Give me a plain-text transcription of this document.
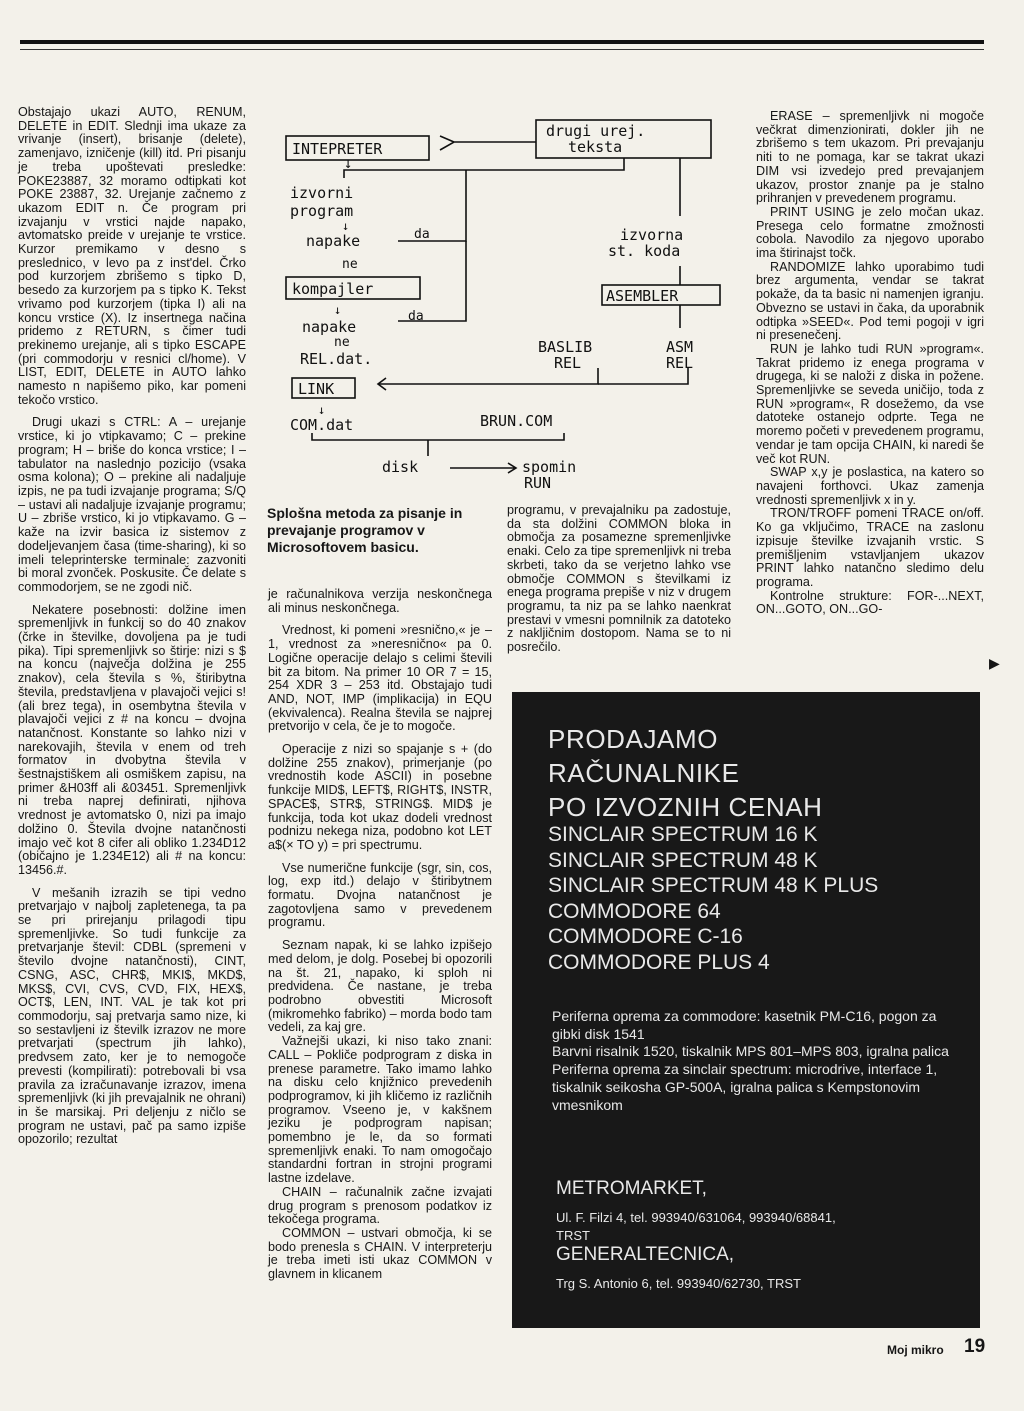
Obstajajo ukazi AUTO, RENUM, DELETE in EDIT. Slednji ima ukaze za vrivanje (insert), brisanje (delete), zamenjavo, izničenje (kill) itd. Pri pisanju je treba upoštevati presledke: POKE23887, 32 moramo odtipkati kot POKE 23887, 32. Urejanje začnemo z ukazom EDIT n. Če program pri izvajanju v vrstici najde napako, avtomatsko preide v urejanje te vrstice. Kurzor premikamo v desno s preslednico, v levo pa z inst'del. Črko pod kurzorjem zbrišemo s tipko D, besedo za kurzorjem pa s tipko K. Tekst vrivamo pod kurzorjem (tipka I) ali na koncu vrstice (X). Iz insertnega načina pridemo z RETURN, s čimer tudi prekinemo urejanje, ali s tipko ESCAPE (pri commodorju v resnici cl/home). V LIST, EDIT, DELETE in AUTO lahko namesto n napišemo piko, kar pomeni tekočo vrstico.

Drugi ukazi s CTRL: A – urejanje vrstice, ki jo vtipkavamo; C – prekine program; H – briše do konca vrstice; I – tabulator na naslednjo pozicijo (vsaka osma kolona); O – prekine ali nadaljuje izpis, ne pa tudi izvajanje programa; S/Q – ustavi ali nadaljuje izvajanje programu; U – zbriše vrstico, ki jo vtipkavamo. G – kaže na izvir basica iz sistemov z dodeljevanjem časa (time-sharing), ki so imeli teleprinterske terminale: zazvoniti bi moral zvonček. Poskusite. Če delate s commodorjem, se ne zgodi nič.

Nekatere posebnosti: dolžine imen spremenljivk in funkcij so do 40 znakov (črke in številke, dovoljena pa je tudi pika). Tipi spremenljivk so štirje: nizi s $ na koncu (največja dolžina je 255 znakov), cela števila s %, štiribytna števila, predstavljena v plavajoči vejici s! (ali brez tega), in osembytna števila v plavajoči vejici z # na koncu – dvojna natančnost. Konstante so lahko nizi v narekovajih, števila v enem od treh formatov in dvobytna števila v šestnajstiškem ali osmiškem zapisu, na primer &H03ff ali &03451. Spremenljivk ni treba naprej definirati, njihova vrednost je avtomatsko 0, nizi pa imajo dolžino 0. Števila dvojne natančnosti imajo več kot 8 cifer ali obliko 1.234D12 (običajno je 1.234E12) ali # na koncu: 13456.#.

V mešanih izrazih se tipi vedno pretvarjajo v najbolj zapletenega, ta pa se pri prirejanju prilagodi tipu spremenljivke. So tudi funkcije za pretvarjanje števil: CDBL (spremeni v število dvojne natančnosti), CINT, CSNG, ASC, CHR$, MKI$, MKD$, MKS$, CVI, CVS, CVD, FIX, HEX$, OCT$, LEN, INT. VAL je tak kot pri commodorju, saj pretvarja samo nize, ki so sestavljeni iz številk izrazov ne more pretvarjati (spectrum jih lahko), predvsem zato, ker je to nemogoče prevesti (kompilirati): potrebovali bi vsa pravila za izračunavanje izrazov, imena spremenljivk (ki jih prevajalnik ne ohrani) in še marsikaj. Pri deljenju z ničlo se program ne ustavi, pač pa samo izpiše opozorilo; rezultat

INTEPRETER
drugi urej.
teksta
↓
izvorni
program
↓
napake	da
ne
kompajler
↓
napake
da
ne
REL.dat.
LINK
↓
COM.dat	BRUN.COM
izvorna
st. koda
ASEMBLER
BASLIB
REL
ASM
REL
disk	spomin
RUN
Splošna metoda za pisanje in prevajanje programov v Microsoftovem basicu.

je računalnikova verzija neskončnega ali minus neskončnega.

Vrednost, ki pomeni »resnično,« je –1, vrednost za »neresnično« pa 0. Logične operacije delajo s celimi števili bit za bitom. Na primer 10 OR 7 = 15, 254 XDR 3 – 253 itd. Obstajajo tudi AND, NOT, IMP (implikacija) in EQU (ekvivalenca). Realna števila se najprej pretvorijo v cela, če je to mogoče.

Operacije z nizi so spajanje s + (do dolžine 255 znakov), primerjanje (po vrednostih kode ASCII) in posebne funkcije MID$, LEFT$, RIGHT$, INSTR, SPACE$, STR$, STRING$. MID$ je funkcija, toda kot ukaz dodeli vrednost podnizu nekega niza, podobno kot LET a$(× TO y) = pri spectrumu.

Vse numerične funkcije (sgr, sin, cos, log, exp itd.) delajo v štiribytnem formatu. Dvojna natančnost je zagotovljena samo v prevedenem programu.

Seznam napak, ki se lahko izpišejo med delom, je dolg. Posebej bi opozorili na št. 21, napako, ki sploh ni predvidena. Če nastane, je treba podrobno obvestiti Microsoft (mikromehko fabriko) – morda bodo tam vedeli, za kaj gre.

Važnejši ukazi, ki niso tako znani: CALL – Pokliče podprogram z diska in prenese parametre. Tako imamo lahko na disku celo knjižnico prevedenih podprogramov, ki jih kličemo iz različnih programov. Vseeno je, v kakšnem jeziku je podprogram napisan; pomembno je le, da so formati spremenljivk enaki. To nam omogočajo standardni fortran in strojni programi lastne izdelave.

CHAIN – računalnik začne izvajati drug program s prenosom podatkov iz tekočega programa.

COMMON – ustvari območja, ki se bodo prenesla s CHAIN. V interpreterju je treba imeti isti ukaz COMMON v glavnem in klicanem

programu, v prevajalniku pa zadostuje, da sta dolžini COMMON bloka in območja za posamezne spremenljivke enaki. Celo za tipe spremenljivk ni treba skrbeti, tako da se verjetno lahko vse območje COMMON s številkami iz enega programa prepiše v niz v drugem programu, ta niz pa se lahko naenkrat prestavi v vmesni pomnilnik za datoteko z nakljičnim dostopom. Nama se to ni posrečilo.

ERASE – spremenljivk ni mogoče večkrat dimenzionirati, dokler jih ne zbrišemo s tem ukazom. Pri prevajanju niti to ne pomaga, kar se takrat ukazi DIM vsi izvedejo pred prevajanjem ukazov, prostor znanje pa je stalno prihranjen v prevedenem programu.

PRINT USING je zelo močan ukaz. Presega celo formatne zmožnosti cobola. Navodilo za njegovo uporabo ima štirinajst točk.

RANDOMIZE lahko uporabimo tudi brez argumenta, vendar se takrat pokaže, da ta basic ni namenjen igranju. Obvezno se ustavi in čaka, da uporabnik odtipka »SEED«. Pod temi pogoji v igri ni presenečenj.

RUN je lahko tudi RUN »program«. Takrat pridemo iz enega programa v drugega, ki se naloži z diska in požene. Spremenljivke se seveda uničijo, toda z RUN »program«, R dosežemo, da vse datoteke ostanejo odprte. Tega ne moremo početi v prevedenem programu, vendar je tam opcija CHAIN, ki naredi še več kot RUN.

SWAP x,y je poslastica, na katero so navajeni forthovci. Ukaz zamenja vrednosti spremenljivk x in y.

TRON/TROFF pomeni TRACE on/off. Ko ga vključimo, TRACE na zaslonu izpisuje številke izvajanih vrstic. S premišljenim vstavljanjem ukazov PRINT lahko natančno sledimo delu programa.

Kontrolne strukture: FOR-...NEXT, ON...GOTO, ON...GO-

▶
PRODAJAMO
RAČUNALNIKE
PO IZVOZNIH CENAH
SINCLAIR SPECTRUM 16 K
SINCLAIR SPECTRUM 48 K
SINCLAIR SPECTRUM 48 K PLUS
COMMODORE 64
COMMODORE C-16
COMMODORE PLUS 4
Periferna oprema za commodore: kasetnik PM-C16, pogon za gibki disk 1541
Barvni risalnik 1520, tiskalnik MPS 801–MPS 803, igralna palica
Periferna oprema za sinclair spectrum: microdrive, interface 1, tiskalnik seikosha GP-500A, igralna palica s Kempstonovim vmesnikom
METROMARKET,
Ul. F. Filzi 4, tel. 993940/631064, 993940/68841,
TRST
GENERALTECNICA,
Trg S. Antonio 6, tel. 993940/62730, TRST
Moj mikro 19
